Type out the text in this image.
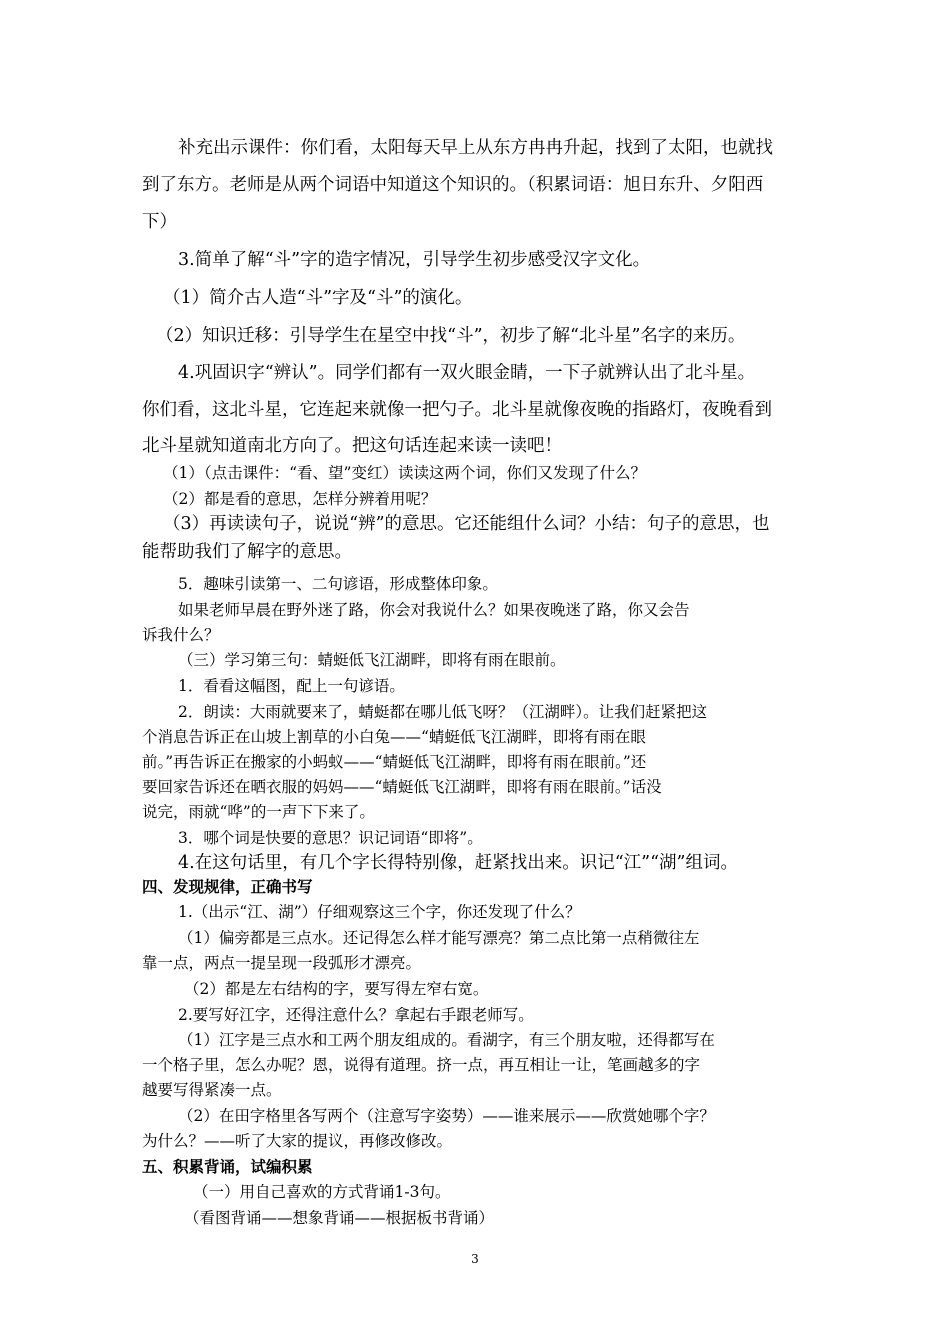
补充出示课件：你们看，太阳每天早上从东方冉冉升起，找到了太阳，也就找
到了东方。老师是从两个词语中知道这个知识的。（积累词语：旭日东升、夕阳西
下）
3.简单了解“斗”字的造字情况，引导学生初步感受汉字文化。
（1）简介古人造“斗”字及“斗”的演化。
（2）知识迁移：引导学生在星空中找“斗”，初步了解“北斗星”名字的来历。
4.巩固识字“辨认”。同学们都有一双火眼金睛，一下子就辨认出了北斗星。
你们看，这北斗星，它连起来就像一把勺子。北斗星就像夜晚的指路灯，夜晚看到
北斗星就知道南北方向了。把这句话连起来读一读吧！
（1）（点击课件：“看、望”变红）读读这两个词，你们又发现了什么？
（2）都是看的意思，怎样分辨着用呢？
（3）再读读句子，说说“辨”的意思。它还能组什么词？小结：句子的意思，也
能帮助我们了解字的意思。
5．趣味引读第一、二句谚语，形成整体印象。
如果老师早晨在野外迷了路，你会对我说什么？如果夜晚迷了路，你又会告
诉我什么？
（三）学习第三句：蜻蜓低飞江湖畔，即将有雨在眼前。
1．看看这幅图，配上一句谚语。
2．朗读：大雨就要来了，蜻蜓都在哪儿低飞呀？（江湖畔）。让我们赶紧把这
个消息告诉正在山坡上割草的小白兔——“蜻蜓低飞江湖畔，即将有雨在眼
前。”再告诉正在搬家的小蚂蚁——“蜻蜓低飞江湖畔，即将有雨在眼前。”还
要回家告诉还在晒衣服的妈妈——“蜻蜓低飞江湖畔，即将有雨在眼前。”话没
说完，雨就“哗”的一声下下来了。
3．哪个词是快要的意思？识记词语“即将”。
4.在这句话里，有几个字长得特别像，赶紧找出来。识记“江”“湖”组词。
四、发现规律，正确书写
1.（出示“江、湖”）仔细观察这三个字，你还发现了什么？
（1）偏旁都是三点水。还记得怎么样才能写漂亮？第二点比第一点稍微往左
靠一点，两点一提呈现一段弧形才漂亮。
（2）都是左右结构的字，要写得左窄右宽。
2.要写好江字，还得注意什么？拿起右手跟老师写。
（1）江字是三点水和工两个朋友组成的。看湖字，有三个朋友啦，还得都写在
一个格子里，怎么办呢？恩，说得有道理。挤一点，再互相让一让，笔画越多的字
越要写得紧凑一点。
（2）在田字格里各写两个（注意写字姿势）——谁来展示——欣赏她哪个字？
为什么？——听了大家的提议，再修改修改。
五、积累背诵，试编积累
（一）用自己喜欢的方式背诵1-3句。
（看图背诵——想象背诵——根据板书背诵）
3
